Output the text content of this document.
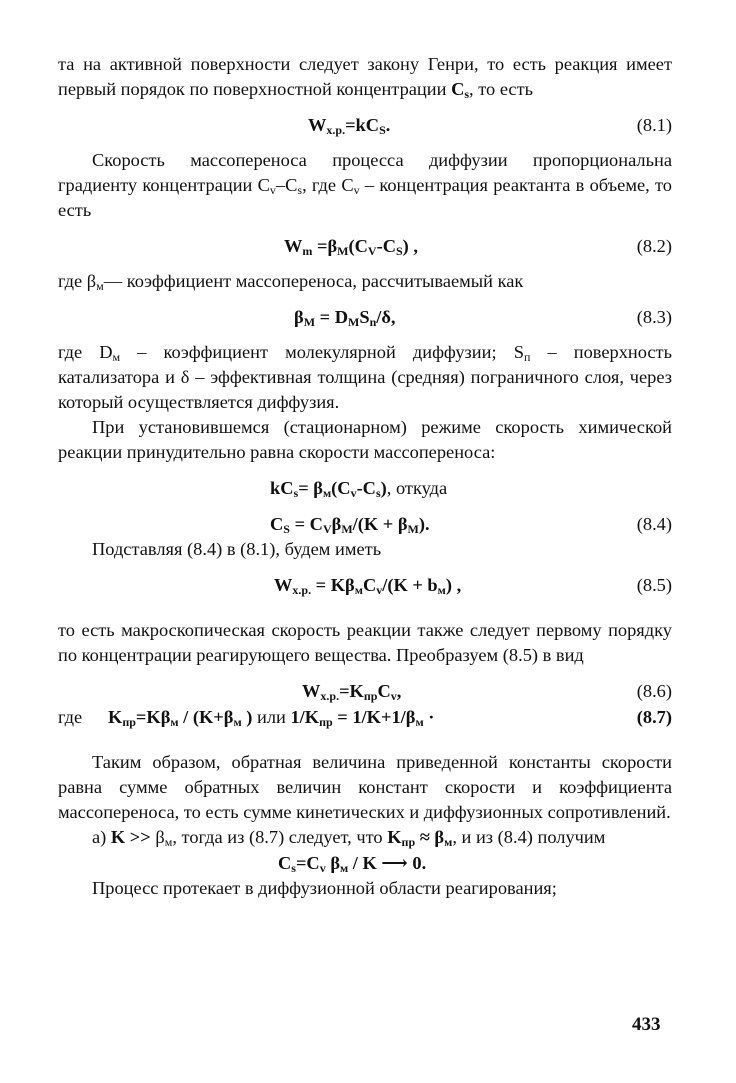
та на активной поверхности следует закону Генри, то есть реакция имеет первый порядок по поверхностной концентрации $C_s$, то есть

$W_{х.р.}=kC_S$.	(8.1)

Скорость массопереноса процесса диффузии пропорциональна градиенту концентрации $C_v-C_s$, где $C_v$ – концентрация реактанта в объеме, то есть

$W_m =\beta_M(C_V-C_S)$ ,	(8.2)

где $\beta_м—$ коэффициент массопереноса, рассчитываемый как

$\beta_M = D_MS_n/\delta$,	(8.3)

где $D_м$ – коэффициент молекулярной диффузии; $S_п$ – поверхность катализатора и δ – эффективная толщина (средняя) пограничного слоя, через который осуществляется диффузия.

При установившемся (стационарном) режиме скорость химической реакции принудительно равна скорости массопереноса:

$kC_s= \beta_м(C_v-C_s)$, откуда
$C_S = C_V\beta_M/(K + \beta_M)$.	(8.4)

Подставляя (8.4) в (8.1), будем иметь

$W_{х.р.} = K\beta_мC_v/(K + b_м)$ ,	(8.5)

то есть макроскопическая скорость реакции также следует первому порядку по концентрации реагирующего вещества. Преобразуем (8.5) в вид

$W_{х.р.}=K_{пр}C_v$,	(8.6)
где $K_{пр}=K\beta_м / (K+\beta_м$ ) или $1/K_{пр} = 1/K+1/\beta_м$ ·	(8.7)

Таким образом, обратная величина приведенной константы скорости равна сумме обратных величин констант скорости и коэффициента массопереноса, то есть сумме кинетических и диффузионных сопротивлений.

а) $K >> \beta_м$, тогда из (8.7) следует, что $K_{пр} \approx \beta_м$, и из (8.4) получим

$C_s=C_v$ $\beta_м$ / K ⟶ 0.

Процесс протекает в диффузионной области реагирования;

433
